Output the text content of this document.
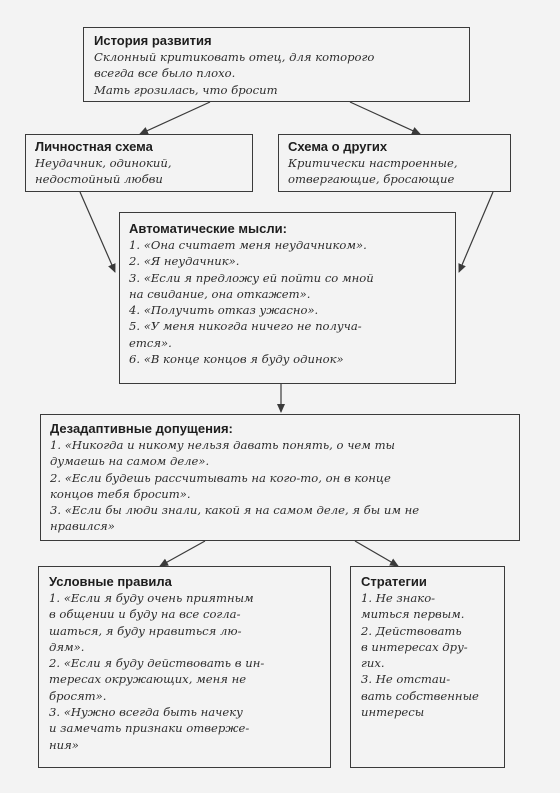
История развития
Склонный критиковать отец, для которого
всегда все было плохо.
Мать грозилась, что бросит
Личностная схема
Неудачник, одинокий,
недостойный любви
Схема о других
Критически настроенные,
отвергающие, бросающие
Автоматические мысли:
1. «Она считает меня неудачником».
2. «Я неудачник».
3. «Если я предложу ей пойти со мной
на свидание, она откажет».
4. «Получить отказ ужасно».
5. «У меня никогда ничего не получа-
ется».
6. «В конце концов я буду одинок»
Дезадаптивные допущения:
1. «Никогда и никому нельзя давать понять, о чем ты
думаешь на самом деле».
2. «Если будешь рассчитывать на кого-то, он в конце
концов тебя бросит».
3. «Если бы люди знали, какой я на самом деле, я бы им не
нравился»
Условные правила
1. «Если я буду очень приятным
в общении и буду на все согла-
шаться, я буду нравиться лю-
дям».
2. «Если я буду действовать в ин-
тересах окружающих, меня не
бросят».
3. «Нужно всегда быть начеку
и замечать признаки отверже-
ния»
Стратегии
1. Не знако-
миться первым.
2. Действовать
в интересах дру-
гих.
3. Не отстаи-
вать собственные
интересы
